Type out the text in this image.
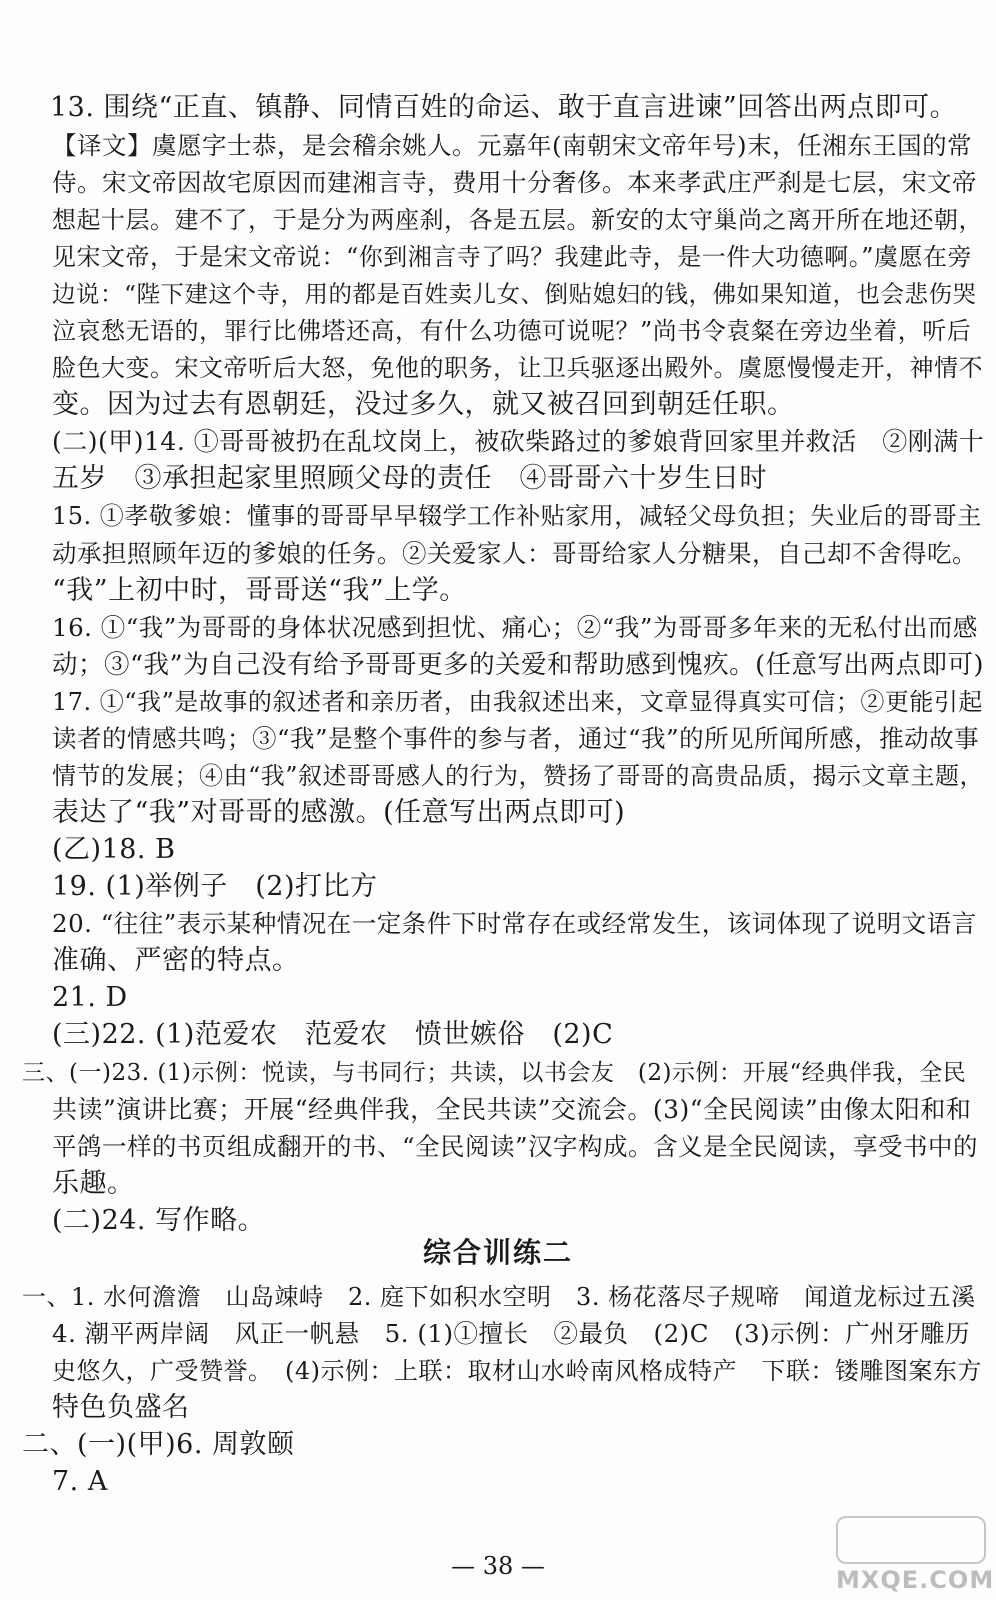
13. 围绕“正直、镇静、同情百姓的命运、敢于直言进谏”回答出两点即可。
【译文】虞愿字士恭，是会稽余姚人。元嘉年(南朝宋文帝年号)末，任湘东王国的常
侍。宋文帝因故宅原因而建湘言寺，费用十分奢侈。本来孝武庄严刹是七层，宋文帝
想起十层。建不了，于是分为两座刹，各是五层。新安的太守巢尚之离开所在地还朝，
见宋文帝，于是宋文帝说：“你到湘言寺了吗？我建此寺，是一件大功德啊。”虞愿在旁
边说：“陛下建这个寺，用的都是百姓卖儿女、倒贴媳妇的钱，佛如果知道，也会悲伤哭
泣哀愁无语的，罪行比佛塔还高，有什么功德可说呢？”尚书令袁粲在旁边坐着，听后
脸色大变。宋文帝听后大怒，免他的职务，让卫兵驱逐出殿外。虞愿慢慢走开，神情不
变。因为过去有恩朝廷，没过多久，就又被召回到朝廷任职。
(二)(甲)14. ①哥哥被扔在乱坟岗上，被砍柴路过的爹娘背回家里并救活　②刚满十
五岁　③承担起家里照顾父母的责任　④哥哥六十岁生日时
15. ①孝敬爹娘：懂事的哥哥早早辍学工作补贴家用，减轻父母负担；失业后的哥哥主
动承担照顾年迈的爹娘的任务。②关爱家人：哥哥给家人分糖果，自己却不舍得吃。
“我”上初中时，哥哥送“我”上学。
16. ①“我”为哥哥的身体状况感到担忧、痛心；②“我”为哥哥多年来的无私付出而感
动；③“我”为自己没有给予哥哥更多的关爱和帮助感到愧疚。(任意写出两点即可)
17. ①“我”是故事的叙述者和亲历者，由我叙述出来，文章显得真实可信；②更能引起
读者的情感共鸣；③“我”是整个事件的参与者，通过“我”的所见所闻所感，推动故事
情节的发展；④由“我”叙述哥哥感人的行为，赞扬了哥哥的高贵品质，揭示文章主题，
表达了“我”对哥哥的感激。(任意写出两点即可)
(乙)18. B
19. (1)举例子　(2)打比方
20. “往往”表示某种情况在一定条件下时常存在或经常发生，该词体现了说明文语言
准确、严密的特点。
21. D
(三)22. (1)范爱农　范爱农　愤世嫉俗　(2)C
三、(一)23. (1)示例：悦读，与书同行；共读，以书会友　(2)示例：开展“经典伴我，全民
共读”演讲比赛；开展“经典伴我，全民共读”交流会。(3)“全民阅读”由像太阳和和
平鸽一样的书页组成翻开的书、“全民阅读”汉字构成。含义是全民阅读，享受书中的
乐趣。
(二)24. 写作略。
一、1. 水何澹澹　山岛竦峙　2. 庭下如积水空明　3. 杨花落尽子规啼　闻道龙标过五溪
4. 潮平两岸阔　风正一帆悬　5. (1)①擅长　②最负　(2)C　(3)示例：广州牙雕历
史悠久，广受赞誉。　(4)示例：上联：取材山水岭南风格成特产　下联：镂雕图案东方
特色负盛名
二、(一)(甲)6. 周敦颐
7. A
综合训练二
— 38 —	MXQE.COM
